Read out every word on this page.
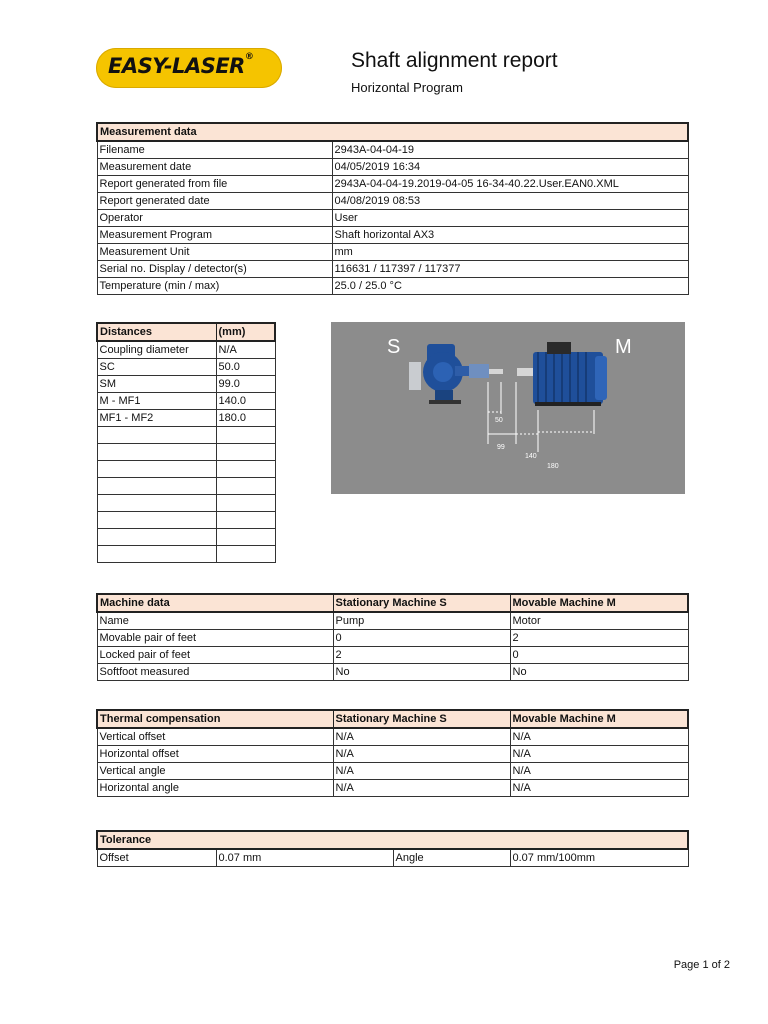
EASY-LASER®	Shaft alignment report
Horizontal Program
Measurement data	
Filename	2943A-04-04-19
Measurement date	04/05/2019 16:34
Report generated from file	2943A-04-04-19.2019-04-05 16-34-40.22.User.EAN0.XML
Report generated date	04/08/2019 08:53
Operator	User
Measurement Program	Shaft horizontal AX3
Measurement Unit	mm
Serial no. Display / detector(s)	116631 / 117397 / 117377
Temperature (min / max)	25.0 / 25.0 °C
Distances	(mm)
Coupling diameter	N/A
SC	50.0
SM	99.0
M - MF1	140.0
MF1 - MF2	180.0

S	M
50
99
140
180
Machine data	Stationary Machine S	Movable Machine M
Name	Pump	Motor
Movable pair of feet	0	2
Locked pair of feet	2	0
Softfoot measured	No	No
Thermal compensation	Stationary Machine S	Movable Machine M
Vertical offset	N/A	N/A
Horizontal offset	N/A	N/A
Vertical angle	N/A	N/A
Horizontal angle	N/A	N/A
Tolerance
Offset	0.07 mm	Angle	0.07 mm/100mm
Page 1 of 2
